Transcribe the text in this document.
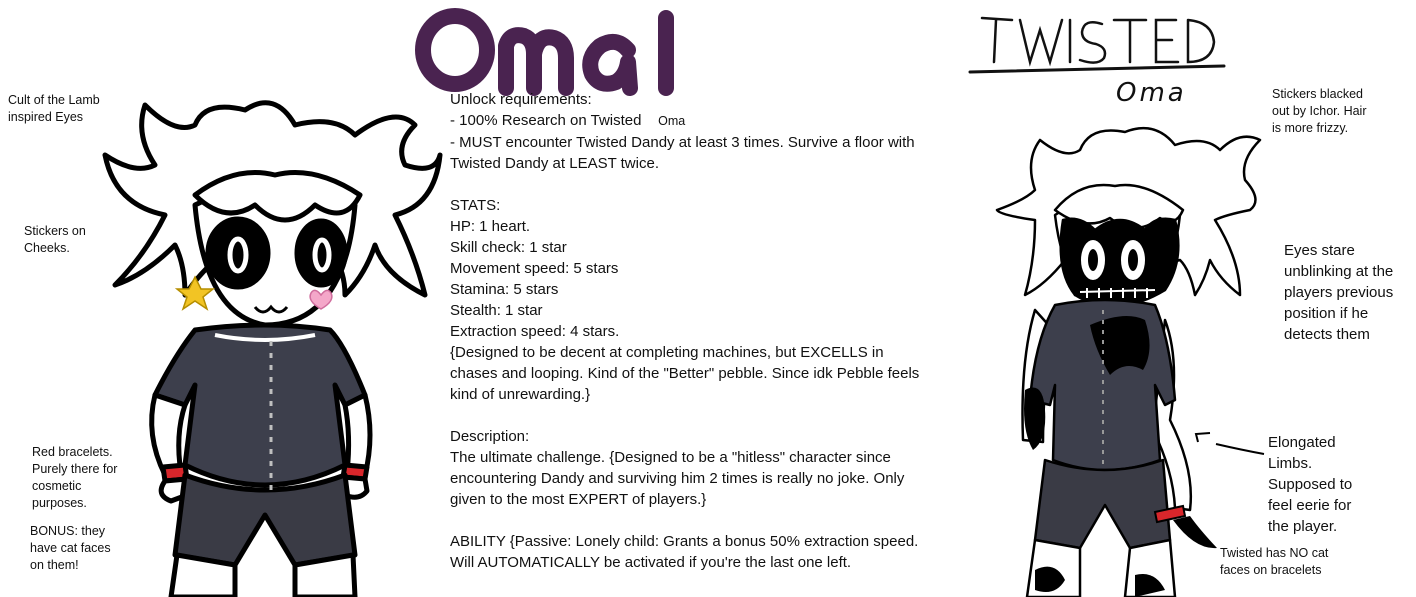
Oma
Cult of the Lamb inspired Eyes
Stickers on Cheeks.
Red bracelets. Purely there for cosmetic purposes.
BONUS: they have cat faces on them!

Unlock requirements:

- 100% Research on Twisted Oma

- MUST encounter Twisted Dandy at least 3 times. Survive a floor with Twisted Dandy at LEAST twice.

STATS:

HP: 1 heart.

Skill check: 1 star

Movement speed: 5 stars

Stamina: 5 stars

Stealth: 1 star

Extraction speed: 4 stars.

{Designed to be decent at completing machines, but EXCELLS in chases and looping. Kind of the "Better" pebble. Since idk Pebble feels kind of unrewarding.}

Description:

The ultimate challenge. {Designed to be a "hitless" character since encountering Dandy and surviving him 2 times is really no joke. Only given to the most EXPERT of players.}

ABILITY {Passive: Lonely child: Grants a bonus 50% extraction speed. Will AUTOMATICALLY be activated if you're the last one left.

Stickers blacked out by Ichor. Hair is more frizzy.
Eyes stare unblinking at the players previous position if he detects them
Elongated Limbs. Supposed to feel eerie for the player.
Twisted has NO cat faces on bracelets
